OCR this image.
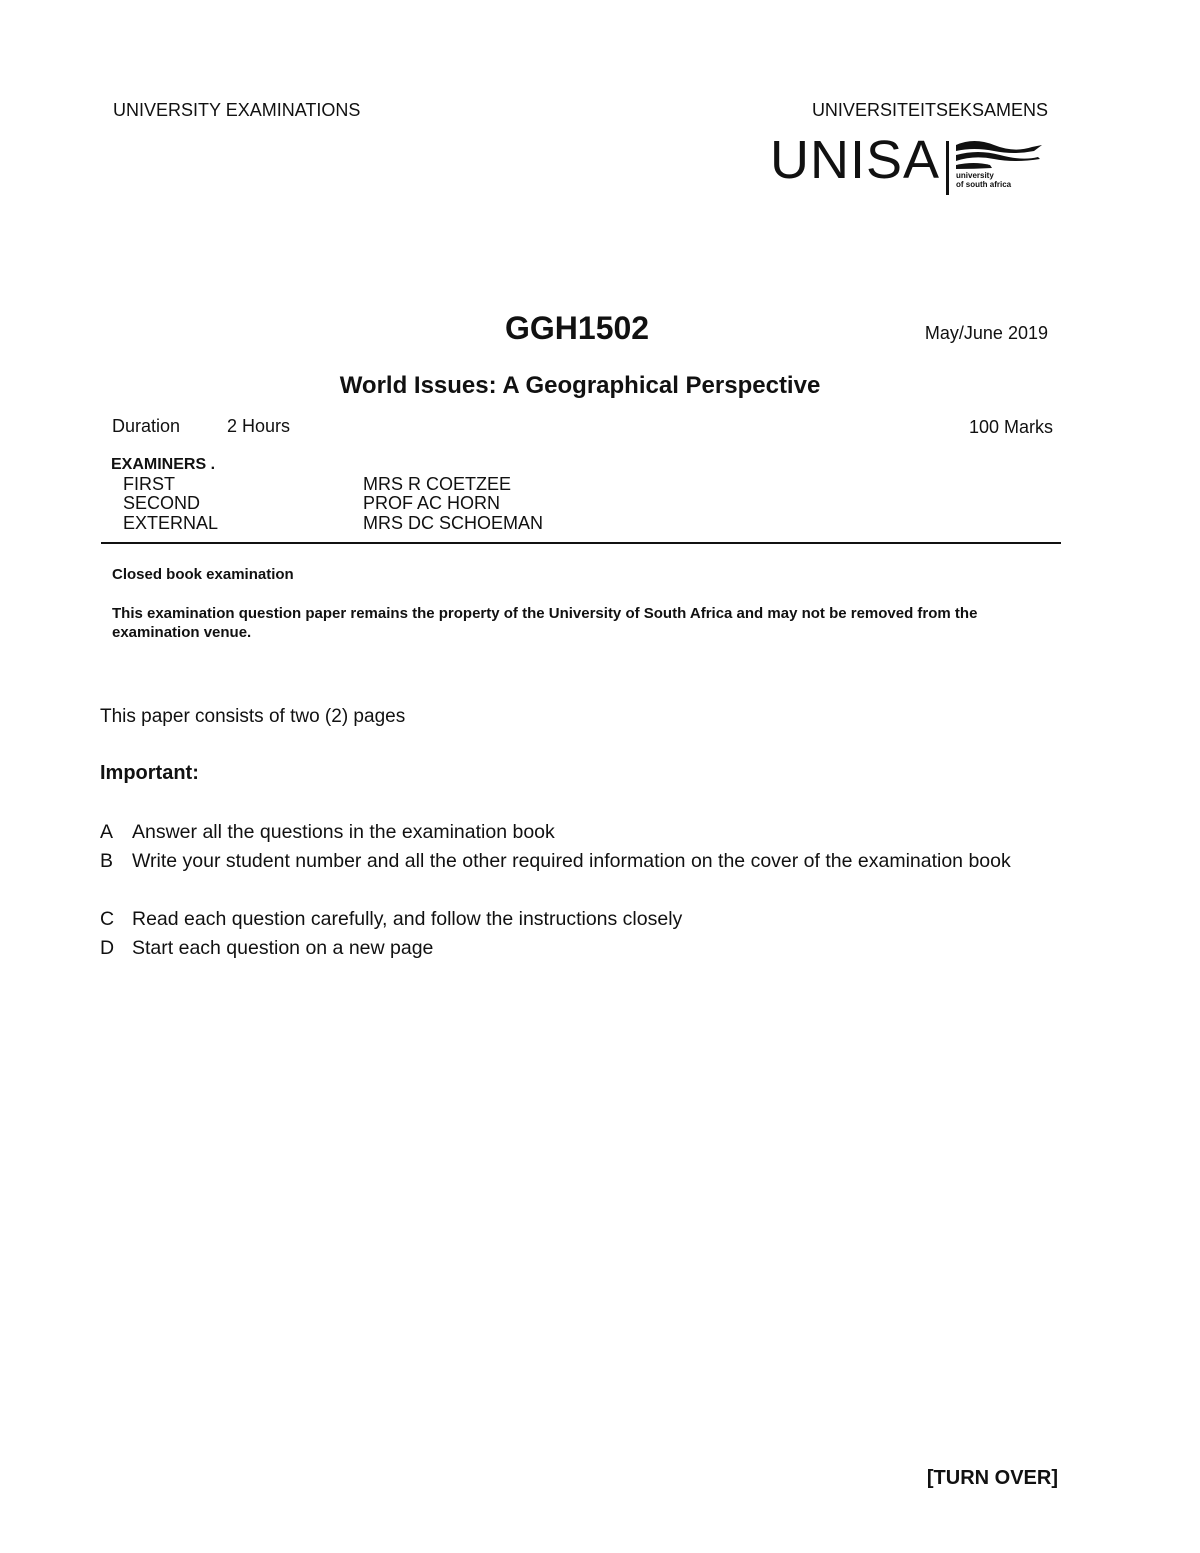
UNIVERSITY EXAMINATIONS	UNIVERSITEITSEKSAMENS
UNISA university
of south africa
GGH1502	May/June 2019
World Issues: A Geographical Perspective
Duration	2 Hours	100 Marks
EXAMINERS .
FIRST	MRS R COETZEE
SECOND	PROF AC HORN
EXTERNAL	MRS DC SCHOEMAN
Closed book examination
This examination question paper remains the property of the University of South Africa and may not be removed from the examination venue.
This paper consists of two (2) pages
Important:
A Answer all the questions in the examination book
B Write your student number and all the other required information on the cover of the examination book
C Read each question carefully, and follow the instructions closely
D Start each question on a new page
[TURN OVER]
